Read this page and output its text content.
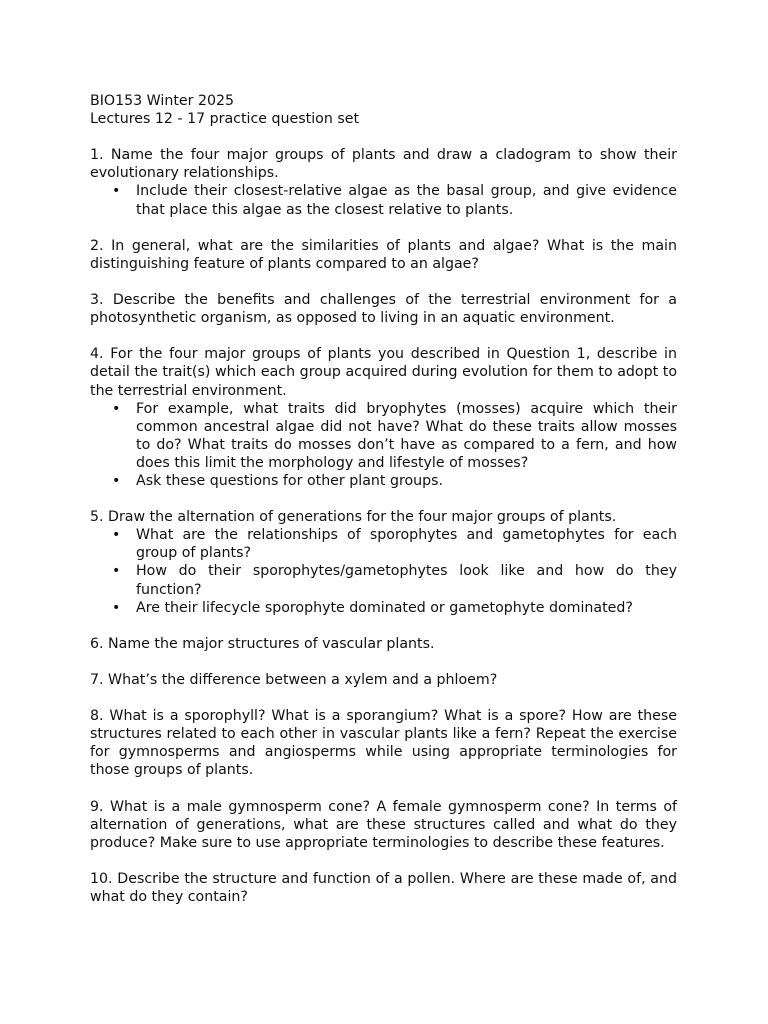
BIO153 Winter 2025

Lectures 12 - 17 practice question set

1. Name the four major groups of plants and draw a cladogram to show their evolutionary relationships.

• Include their closest-relative algae as the basal group, and give evidence that place this algae as the closest relative to plants.

2. In general, what are the similarities of plants and algae? What is the main distinguishing feature of plants compared to an algae?

3. Describe the benefits and challenges of the terrestrial environment for a photosynthetic organism, as opposed to living in an aquatic environment.

4. For the four major groups of plants you described in Question 1, describe in detail the trait(s) which each group acquired during evolution for them to adopt to the terrestrial environment.

• For example, what traits did bryophytes (mosses) acquire which their common ancestral algae did not have? What do these traits allow mosses to do? What traits do mosses don’t have as compared to a fern, and how does this limit the morphology and lifestyle of mosses?
• Ask these questions for other plant groups.

5. Draw the alternation of generations for the four major groups of plants.

• What are the relationships of sporophytes and gametophytes for each group of plants?
• How do their sporophytes/gametophytes look like and how do they function?
• Are their lifecycle sporophyte dominated or gametophyte dominated?

6. Name the major structures of vascular plants.

7. What’s the difference between a xylem and a phloem?

8. What is a sporophyll? What is a sporangium? What is a spore? How are these structures related to each other in vascular plants like a fern? Repeat the exercise for gymnosperms and angiosperms while using appropriate terminologies for those groups of plants.

9. What is a male gymnosperm cone? A female gymnosperm cone? In terms of alternation of generations, what are these structures called and what do they produce? Make sure to use appropriate terminologies to describe these features.

10. Describe the structure and function of a pollen. Where are these made of, and what do they contain?
